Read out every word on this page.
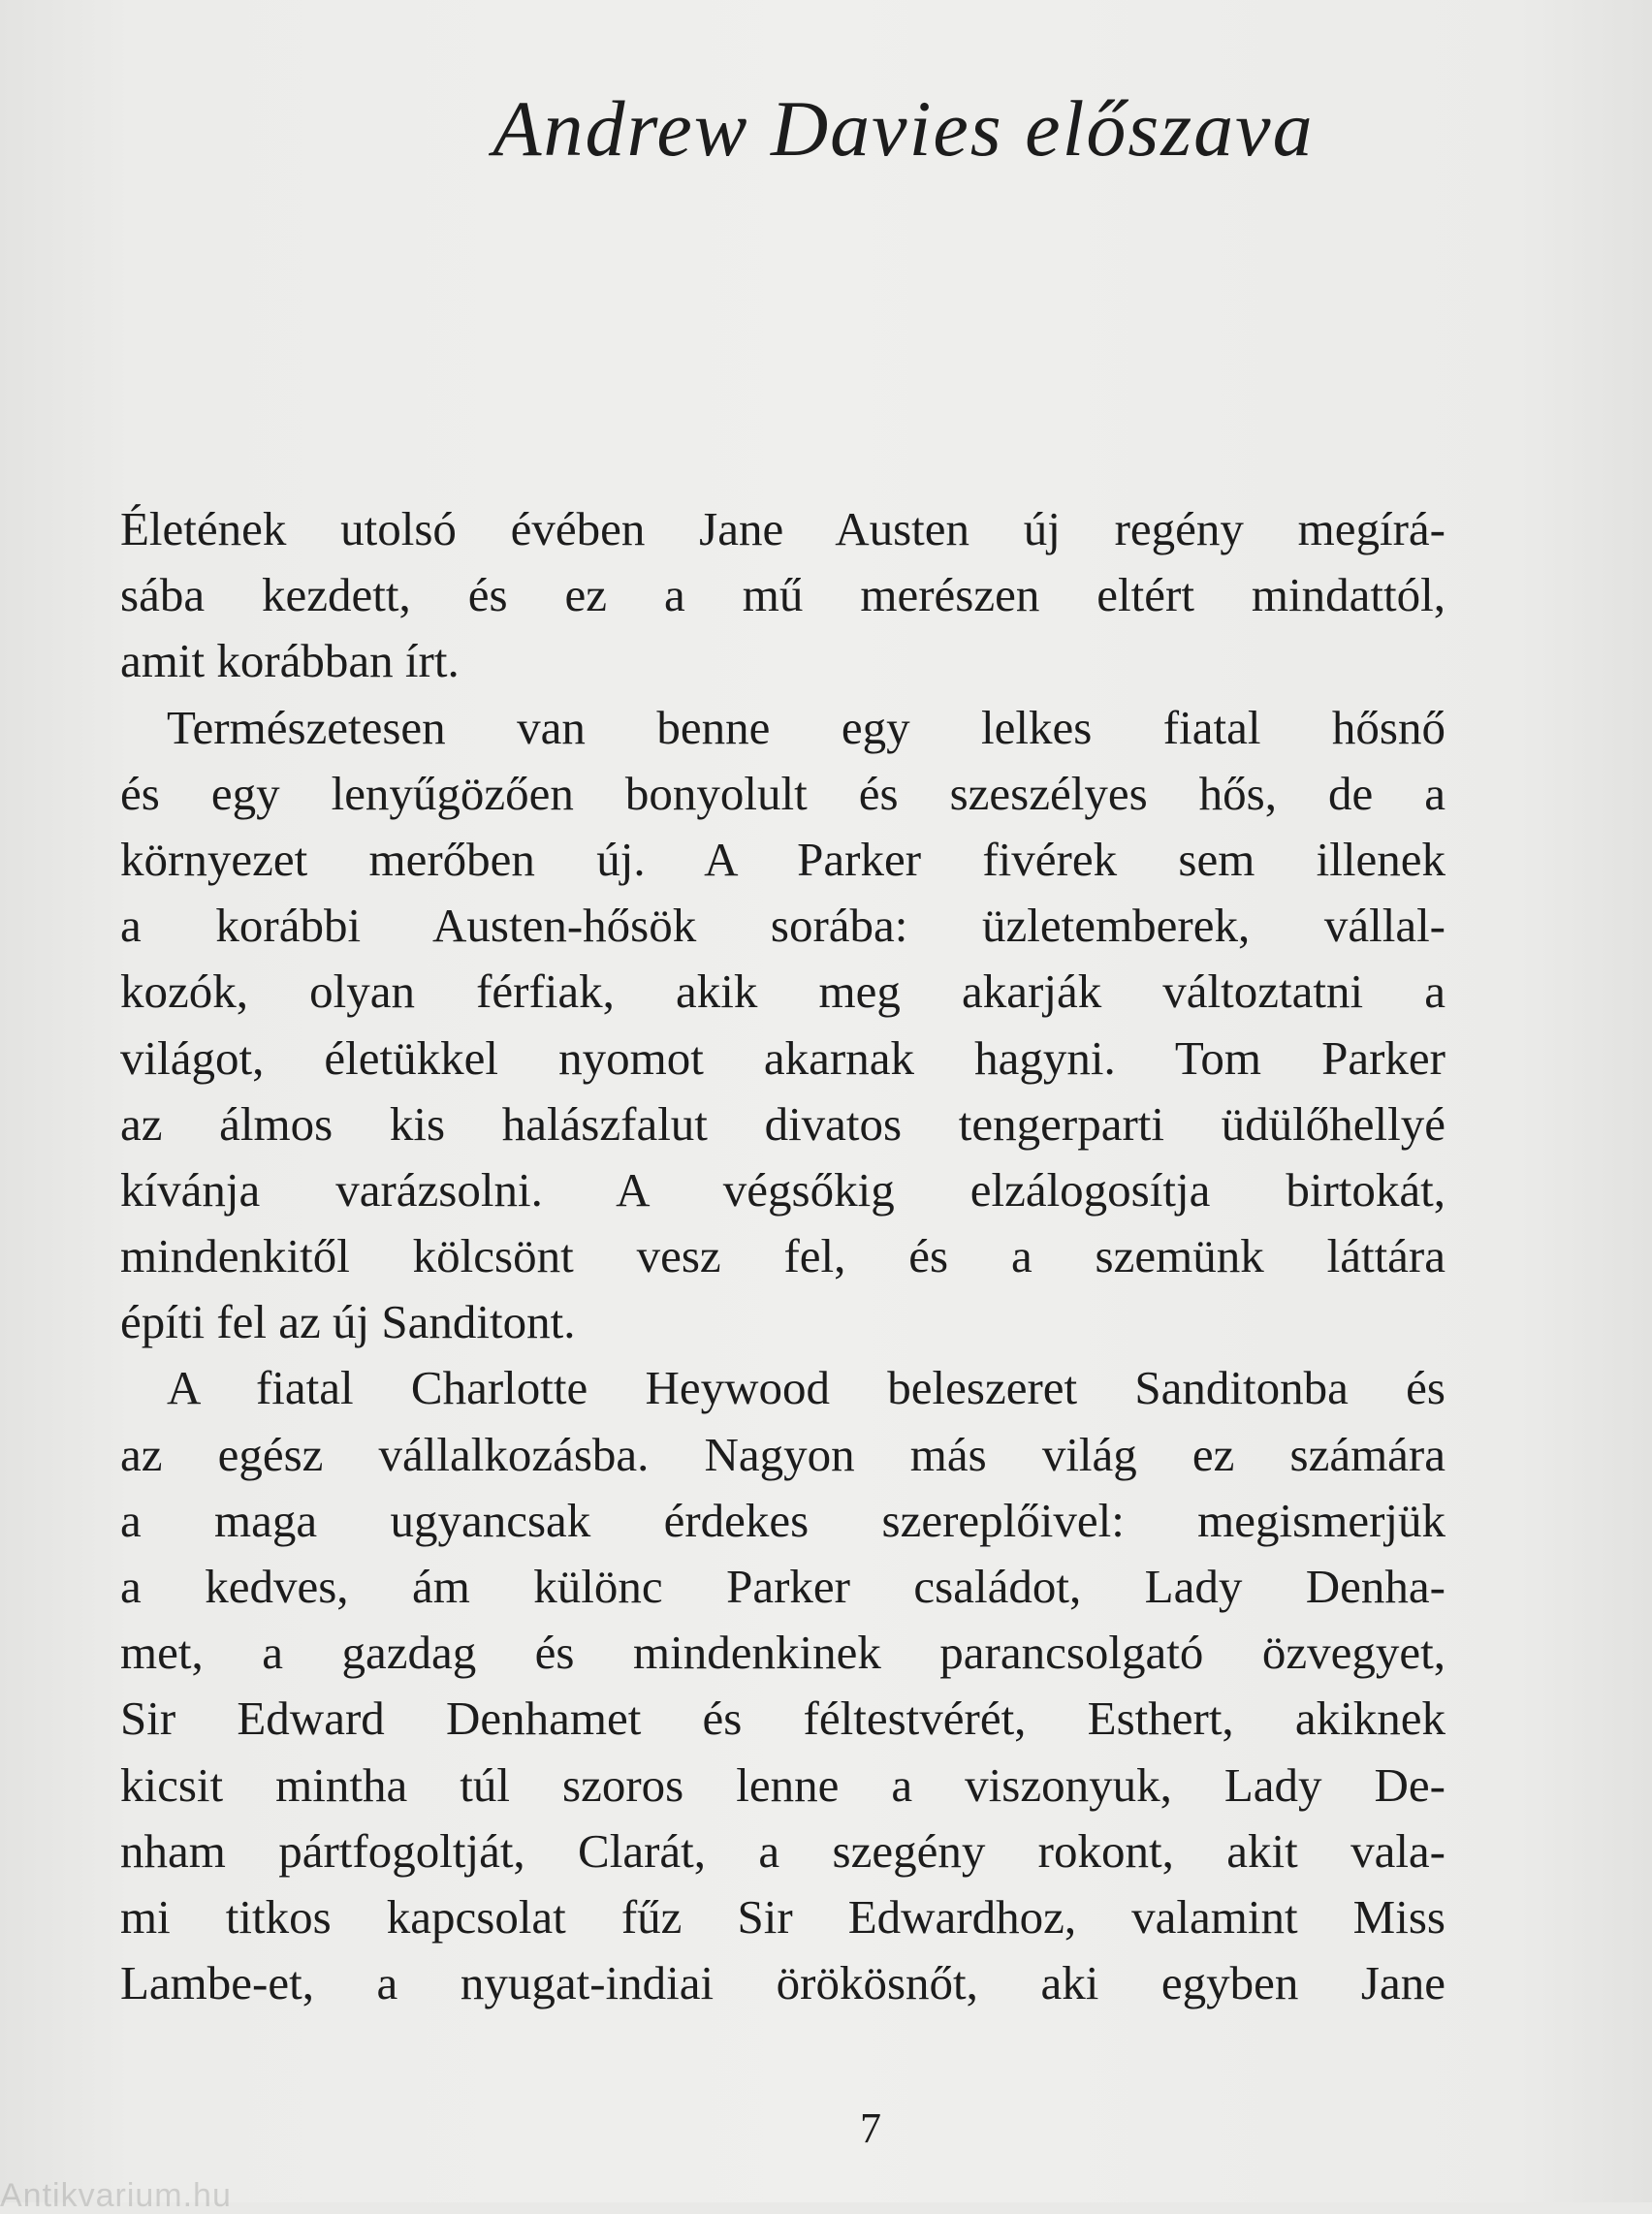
Andrew Davies előszava
Életének utolsó évében Jane Austen új regény megírá-
sába kezdett, és ez a mű merészen eltért mindattól,
amit korábban írt.
Természetesen van benne egy lelkes fiatal hősnő
és egy lenyűgözően bonyolult és szeszélyes hős, de a
környezet merőben új. A Parker fivérek sem illenek
a korábbi Austen-hősök sorába: üzletemberek, vállal-
kozók, olyan férfiak, akik meg akarják változtatni a
világot, életükkel nyomot akarnak hagyni. Tom Parker
az álmos kis halászfalut divatos tengerparti üdülőhellyé
kívánja varázsolni. A végsőkig elzálogosítja birtokát,
mindenkitől kölcsönt vesz fel, és a szemünk láttára
építi fel az új Sanditont.
A fiatal Charlotte Heywood beleszeret Sanditonba és
az egész vállalkozásba. Nagyon más világ ez számára
a maga ugyancsak érdekes szereplőivel: megismerjük
a kedves, ám különc Parker családot, Lady Denha-
met, a gazdag és mindenkinek parancsolgató özvegyet,
Sir Edward Denhamet és féltestvérét, Esthert, akiknek
kicsit mintha túl szoros lenne a viszonyuk, Lady De-
nham pártfogoltját, Clarát, a szegény rokont, akit vala-
mi titkos kapcsolat fűz Sir Edwardhoz, valamint Miss
Lambe-et, a nyugat-indiai örökösnőt, aki egyben Jane
7
Antikvarium.hu
